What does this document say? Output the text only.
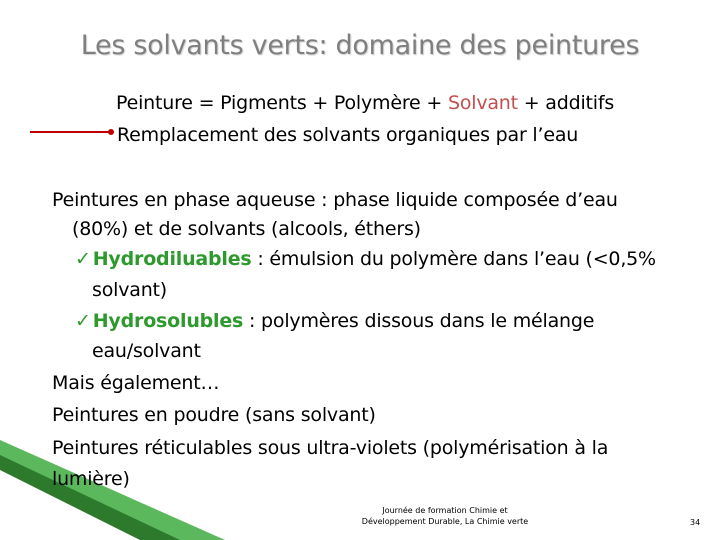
Les solvants verts: domaine des peintures
Peinture = Pigments + Polymère + Solvant + additifs
Remplacement des solvants organiques par l’eau
Peintures en phase aqueuse : phase liquide composée d’eau
(80%) et de solvants (alcools, éthers)
✓ Hydrodiluables : émulsion du polymère dans l’eau (<0,5%
solvant)
✓ Hydrosolubles : polymères dissous dans le mélange
eau/solvant
Mais également…
Peintures en poudre (sans solvant)
Peintures réticulables sous ultra-violets (polymérisation à la
lumière)
Journée de formation Chimie et
Développement Durable, La Chimie verte	34
